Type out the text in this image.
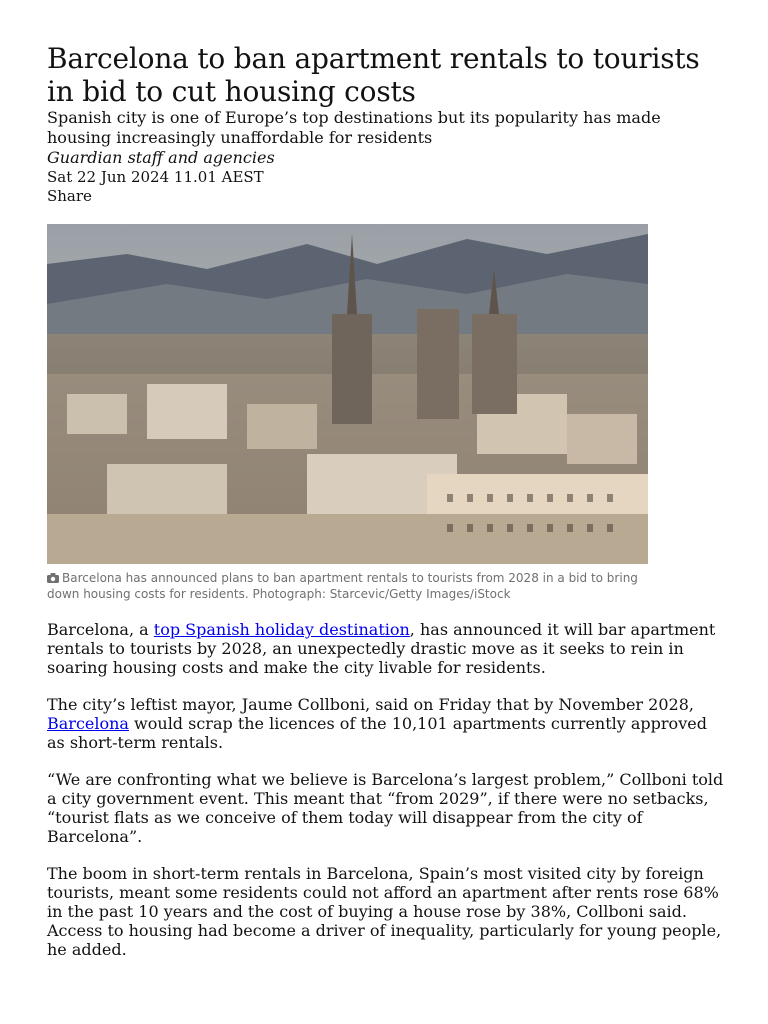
Barcelona to ban apartment rentals to tourists in bid to cut housing costs

Spanish city is one of Europe’s top destinations but its popularity has made housing increasingly unaffordable for residents

Guardian staff and agencies

Sat 22 Jun 2024 11.01 AEST

Share

Barcelona has announced plans to ban apartment rentals to tourists from 2028 in a bid to bring down housing costs for residents. Photograph: Starcevic/Getty Images/iStock

Barcelona, a top Spanish holiday destination, has announced it will bar apartment rentals to tourists by 2028, an unexpectedly drastic move as it seeks to rein in soaring housing costs and make the city livable for residents.

The city’s leftist mayor, Jaume Collboni, said on Friday that by November 2028, Barcelona would scrap the licences of the 10,101 apartments currently approved as short-term rentals.

“We are confronting what we believe is Barcelona’s largest problem,” Collboni told a city government event. This meant that “from 2029”, if there were no setbacks, “tourist flats as we conceive of them today will disappear from the city of Barcelona”.

The boom in short-term rentals in Barcelona, Spain’s most visited city by foreign tourists, meant some residents could not afford an apartment after rents rose 68% in the past 10 years and the cost of buying a house rose by 38%, Collboni said. Access to housing had become a driver of inequality, particularly for young people, he added.
